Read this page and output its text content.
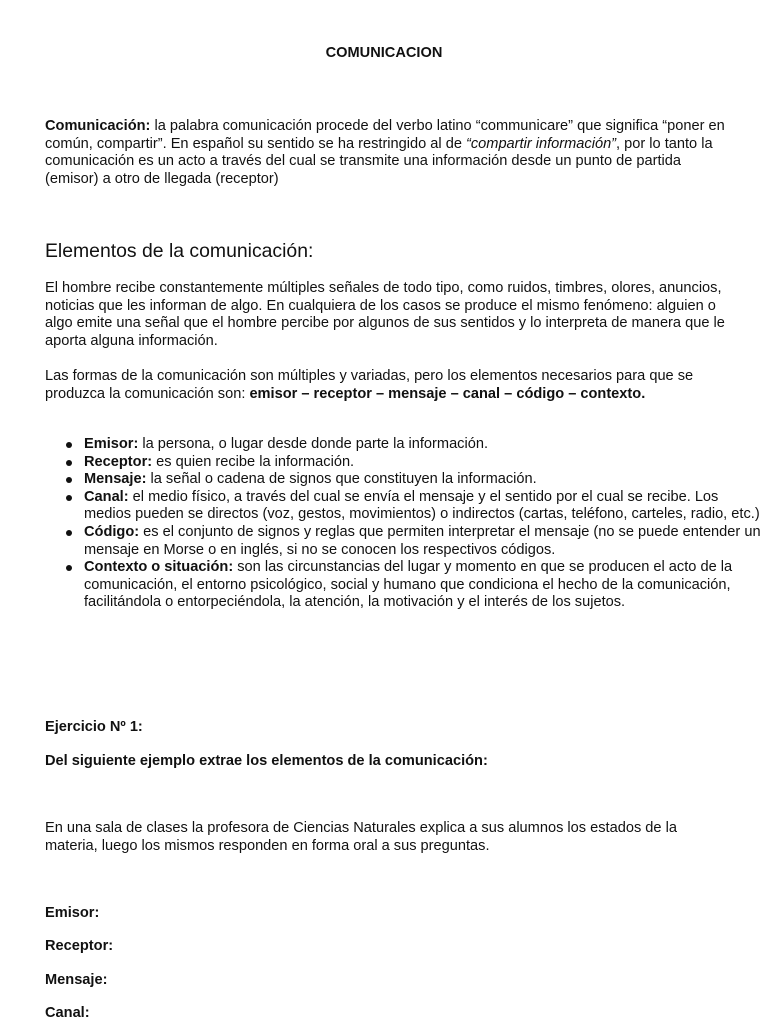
COMUNICACION

Comunicación: la palabra comunicación procede del verbo latino “communicare” que significa “poner en común, compartir”. En español su sentido se ha restringido al de “compartir información”, por lo tanto la comunicación es un acto a través del cual se transmite una información desde un punto de partida (emisor) a otro de llegada (receptor)

Elementos de la comunicación:

El hombre recibe constantemente múltiples señales de todo tipo, como ruidos, timbres, olores, anuncios, noticias que les informan de algo. En cualquiera de los casos se produce el mismo fenómeno: alguien o algo emite una señal que el hombre percibe por algunos de sus sentidos y lo interpreta de manera que le aporta alguna información.

Las formas de la comunicación son múltiples y variadas, pero los elementos necesarios para que se produzca la comunicación son: emisor – receptor – mensaje – canal – código – contexto.

Emisor: la persona, o lugar desde donde parte la información.
Receptor: es quien recibe la información.
Mensaje: la señal o cadena de signos que constituyen la información.
Canal: el medio físico, a través del cual se envía el mensaje y el sentido por el cual se recibe. Los medios pueden se directos (voz, gestos, movimientos) o indirectos (cartas, teléfono, carteles, radio, etc.)
Código: es el conjunto de signos y reglas que permiten interpretar el mensaje (no se puede entender un mensaje en Morse o en inglés, si no se conocen los respectivos códigos.
Contexto o situación: son las circunstancias del lugar y momento en que se producen el acto de la comunicación, el entorno psicológico, social y humano que condiciona el hecho de la comunicación, facilitándola o entorpeciéndola, la atención, la motivación y el interés de los sujetos.

Ejercicio Nº 1:

Del siguiente ejemplo extrae los elementos de la comunicación:

En una sala de clases la profesora de Ciencias Naturales explica a sus alumnos los estados de la materia, luego los mismos responden en forma oral a sus preguntas.

Emisor:

Receptor:

Mensaje:

Canal:
